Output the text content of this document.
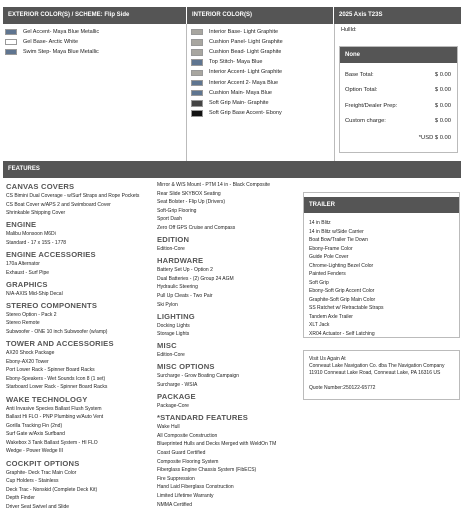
EXTERIOR COLOR(S) / SCHEME: Flip Side	INTERIOR COLOR(S)	2025 Axis T23S
Gel Accent- Maya Blue Metallic
Gel Base- Arctic White
Swim Step- Maya Blue Metallic
Interior Base- Light Graphite
Cushion Panel- Light Graphite
Cushion Bead- Light Graphite
Top Stitch- Maya Blue
Interior Accent- Light Graphite
Interior Accent 2- Maya Blue
Cushion Main- Maya Blue
Soft Grip Main- Graphite
Soft Grip Base Accent- Ebony
HullId:
None
Base Total:	$ 0.00
Option Total:	$ 0.00
Freight/Dealer Prep:	$ 0.00
Custom charge:	$ 0.00
*USD $ 0.00
FEATURES
CANVAS COVERS
CS Bimini Dual Coverage - w/Surf Straps and Rope Pockets
CS Boat Cover w/APS 2 and Swimboard Cover
Shrinkable Shipping Cover
ENGINE
Malibu Monsoon M6Di
Standard - 17 x 15S - 1778
ENGINE ACCESSORIES
170a Alternator
Exhaust - Surf Pipe
GRAPHICS
N/A-AXIS Mid-Ship Decal
STEREO COMPONENTS
Stereo Option - Pack 2
Stereo Remote
Subwoofer - ONE 10 inch Subwoofer (w/amp)
TOWER AND ACCESSORIES
AX20 Shock Package
Ebony-AX20 Tower
Port Lower Rack - Spinner Board Racks
Ebony-Speakers - Wet Sounds Icon 8 (1 set)
Starboard Lower Rack - Spinner Board Racks
WAKE TECHNOLOGY
Anti Invasive Species Ballast Flush System
Ballast Hi FLO - PNP Plumbing w/Auto Vent
Gorilla Tracking Fin (2nd)
Surf Gate w/Axis Surfband
Wakebox 3 Tank Ballast System - HI FLO
Wedge - Power Wedge III
COCKPIT OPTIONS
Graphite- Deck Trac Main Color
Cup Holders - Stainless
Deck Trac - Nonskid (Complete Deck Kit)
Depth Finder
Driver Seat Swivel and Slide
Mirror & W/S Mount - PTM 14 in - Black Composite
Rear Slide SKYBOX Seating
Seat Bolster - Flip Up (Drivers)
Soft-Grip Flooring
Sport Dash
Zero Off GPS Cruise and Compass
EDITION
Edition-Core
HARDWARE
Battery Set Up - Option 2
Dual Batteries - (2) Group 24 AGM
Hydraulic Steering
Pull Up Cleats - Two Pair
Ski Pylon
LIGHTING
Docking Lights
Storage Lights
MISC
Edition-Core
MISC OPTIONS
Surcharge - Grow Boating Campaign
Surcharge - WSIA
PACKAGE
Package-Core
*STANDARD FEATURES
Wake Hull
All Composite Construction
Blueprinted Hulls and Decks Merged with WeldOn TM
Coast Guard Certified
Composite Flooring System
Fiberglass Engine Chassis System (FibECS)
Fire Suppression
Hand Laid Fiberglass Construction
Limited Lifetime Warranty
NMMA Certified
TRAILER
14 in Blitz
14 in Blitz w/Side Carrier
Boat Bow/Trailer Tie Down
Ebony-Frame Color
Guide Pole Cover
Chrome-Lighting Bezel Color
Painted Fenders
Soft Grip
Ebony-Soft Grip Accent Color
Graphite-Soft Grip Main Color
SS Ratchet w/ Retractable Straps
Tandem Axle Trailer
XLT Jack
XR04 Actuator - Self Latching
Visit Us Again At
Conneaut Lake Navigation Co. dba The Navigation Company
11910 Conneaut Lake Road, Conneaut Lake, PA 16316 US

Quote Number:250122-65772
